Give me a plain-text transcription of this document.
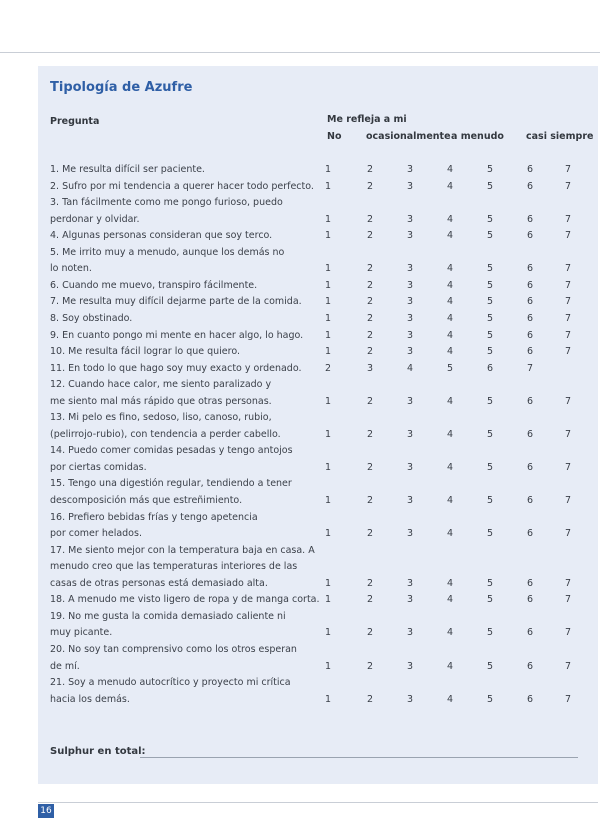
Tipología de Azufre
Pregunta	Me refleja a mi
No	ocasionalmente a menudo casi siempre
1. Me resulta difícil ser paciente.	1	2	3	4	5	6	7
2. Sufro por mi tendencia a querer hacer todo perfecto.	1	2	3	4	5	6	7
3. Tan fácilmente como me pongo furioso, puedo
perdonar y olvidar.	1	2	3	4	5	6	7
4. Algunas personas consideran que soy terco.	1	2	3	4	5	6	7
5. Me irrito muy a menudo, aunque los demás no
lo noten.	1	2	3	4	5	6	7
6. Cuando me muevo, transpiro fácilmente.	1	2	3	4	5	6	7
7. Me resulta muy difícil dejarme parte de la comida.	1	2	3	4	5	6	7
8. Soy obstinado.	1	2	3	4	5	6	7
9. En cuanto pongo mi mente en hacer algo, lo hago.	1	2	3	4	5	6	7
10. Me resulta fácil lograr lo que quiero.	1	2	3	4	5	6	7
11. En todo lo que hago soy muy exacto y ordenado.	2	3	4	5	6	7
12. Cuando hace calor, me siento paralizado y
me siento mal más rápido que otras personas.	1	2	3	4	5	6	7
13. Mi pelo es fino, sedoso, liso, canoso, rubio,
(pelirrojo-rubio), con tendencia a perder cabello.	1	2	3	4	5	6	7
14. Puedo comer comidas pesadas y tengo antojos
por ciertas comidas.	1	2	3	4	5	6	7
15. Tengo una digestión regular, tendiendo a tener
descomposición más que estreñimiento.	1	2	3	4	5	6	7
16. Prefiero bebidas frías y tengo apetencia
por comer helados.	1	2	3	4	5	6	7
17. Me siento mejor con la temperatura baja en casa. A
menudo creo que las temperaturas interiores de las
casas de otras personas está demasiado alta.	1	2	3	4	5	6	7
18. A menudo me visto ligero de ropa y de manga corta. 1	2	3	4	5	6	7
19. No me gusta la comida demasiado caliente ni
muy picante.	1	2	3	4	5	6	7
20. No soy tan comprensivo como los otros esperan
de mí.	1	2	3	4	5	6	7
21. Soy a menudo autocrítico y proyecto mi crítica
hacia los demás.	1	2	3	4	5	6	7
Sulphur en total:
16
